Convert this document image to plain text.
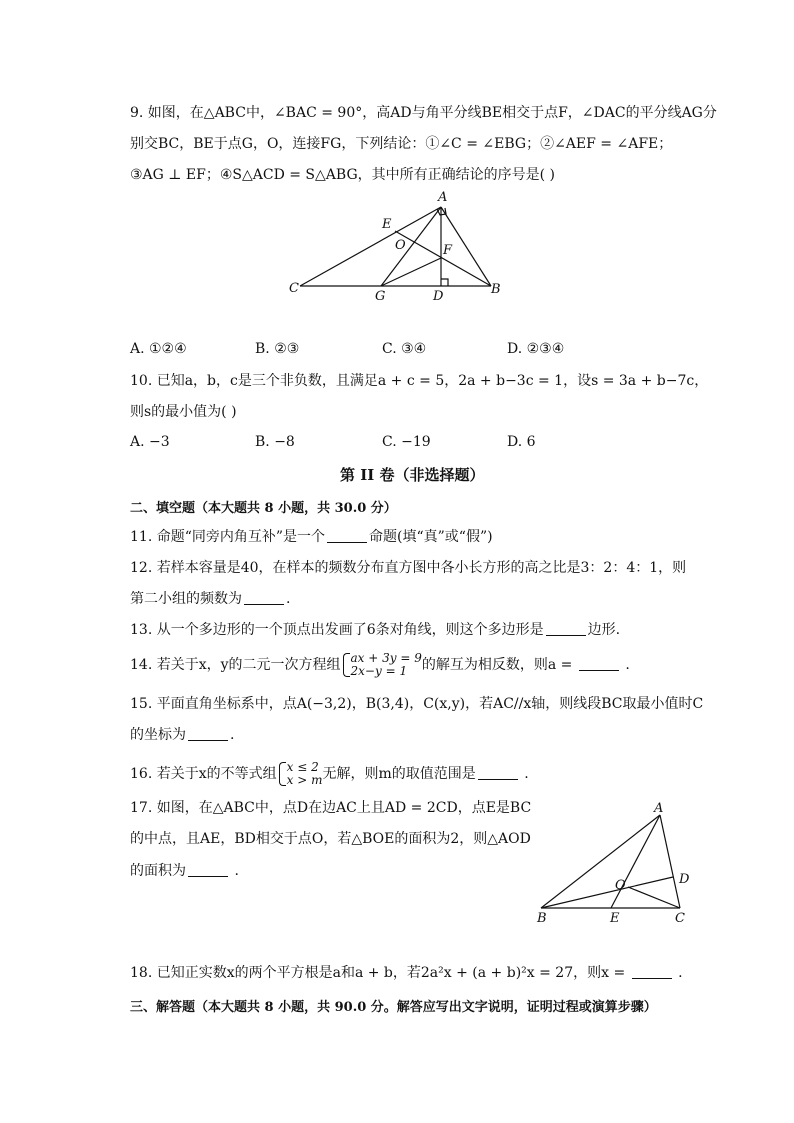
9. 如图，在△ABC中，∠BAC = 90°，高AD与角平分线BE相交于点F，∠DAC的平分线AG分
别交BC，BE于点G，O，连接FG，下列结论：①∠C = ∠EBG；②∠AEF = ∠AFE；
③AG ⊥ EF；④S△ACD = S△ABG，其中所有正确结论的序号是( )
A
E
O	F
C
G	D	B
A. ①②④	B. ②③	C. ③④	D. ②③④
10. 已知a，b，c是三个非负数，且满足a + c = 5，2a + b−3c = 1，设s = 3a + b−7c，
则s的最小值为( )
A. −3	B. −8	C. −19	D. 6
第 II 卷（非选择题）
二、填空题（本大题共 8 小题，共 30.0 分）
11. 命题“同旁内角互补”是一个	命题(填“真”或“假”)
12. 若样本容量是40，在样本的频数分布直方图中各小长方形的高之比是3：2：4：1，则
第二小组的频数为	.
13. 从一个多边形的一个顶点出发画了6条对角线，则这个多边形是	边形.
14. 若关于x，y的二元一次方程组 ax + 3y = 9
2x−y = 1	的解互为相反数，则a =	.
15. 平面直角坐标系中，点A(−3,2)，B(3,4)，C(x,y)，若AC//x轴，则线段BC取最小值时C
的坐标为	.
16. 若关于x的不等式组 x ≤ 2
x > m 无解，则m的取值范围是	.
17. 如图，在△ABC中，点D在边AC上且AD = 2CD，点E是BC
的中点，且AE，BD相交于点O，若△BOE的面积为2，则△AOD
的面积为	.
A
O	D
B	E	C
18. 已知正实数x的两个平方根是a和a + b，若2a²x + (a + b)²x = 27，则x =	.
三、解答题（本大题共 8 小题，共 90.0 分。解答应写出文字说明，证明过程或演算步骤）
